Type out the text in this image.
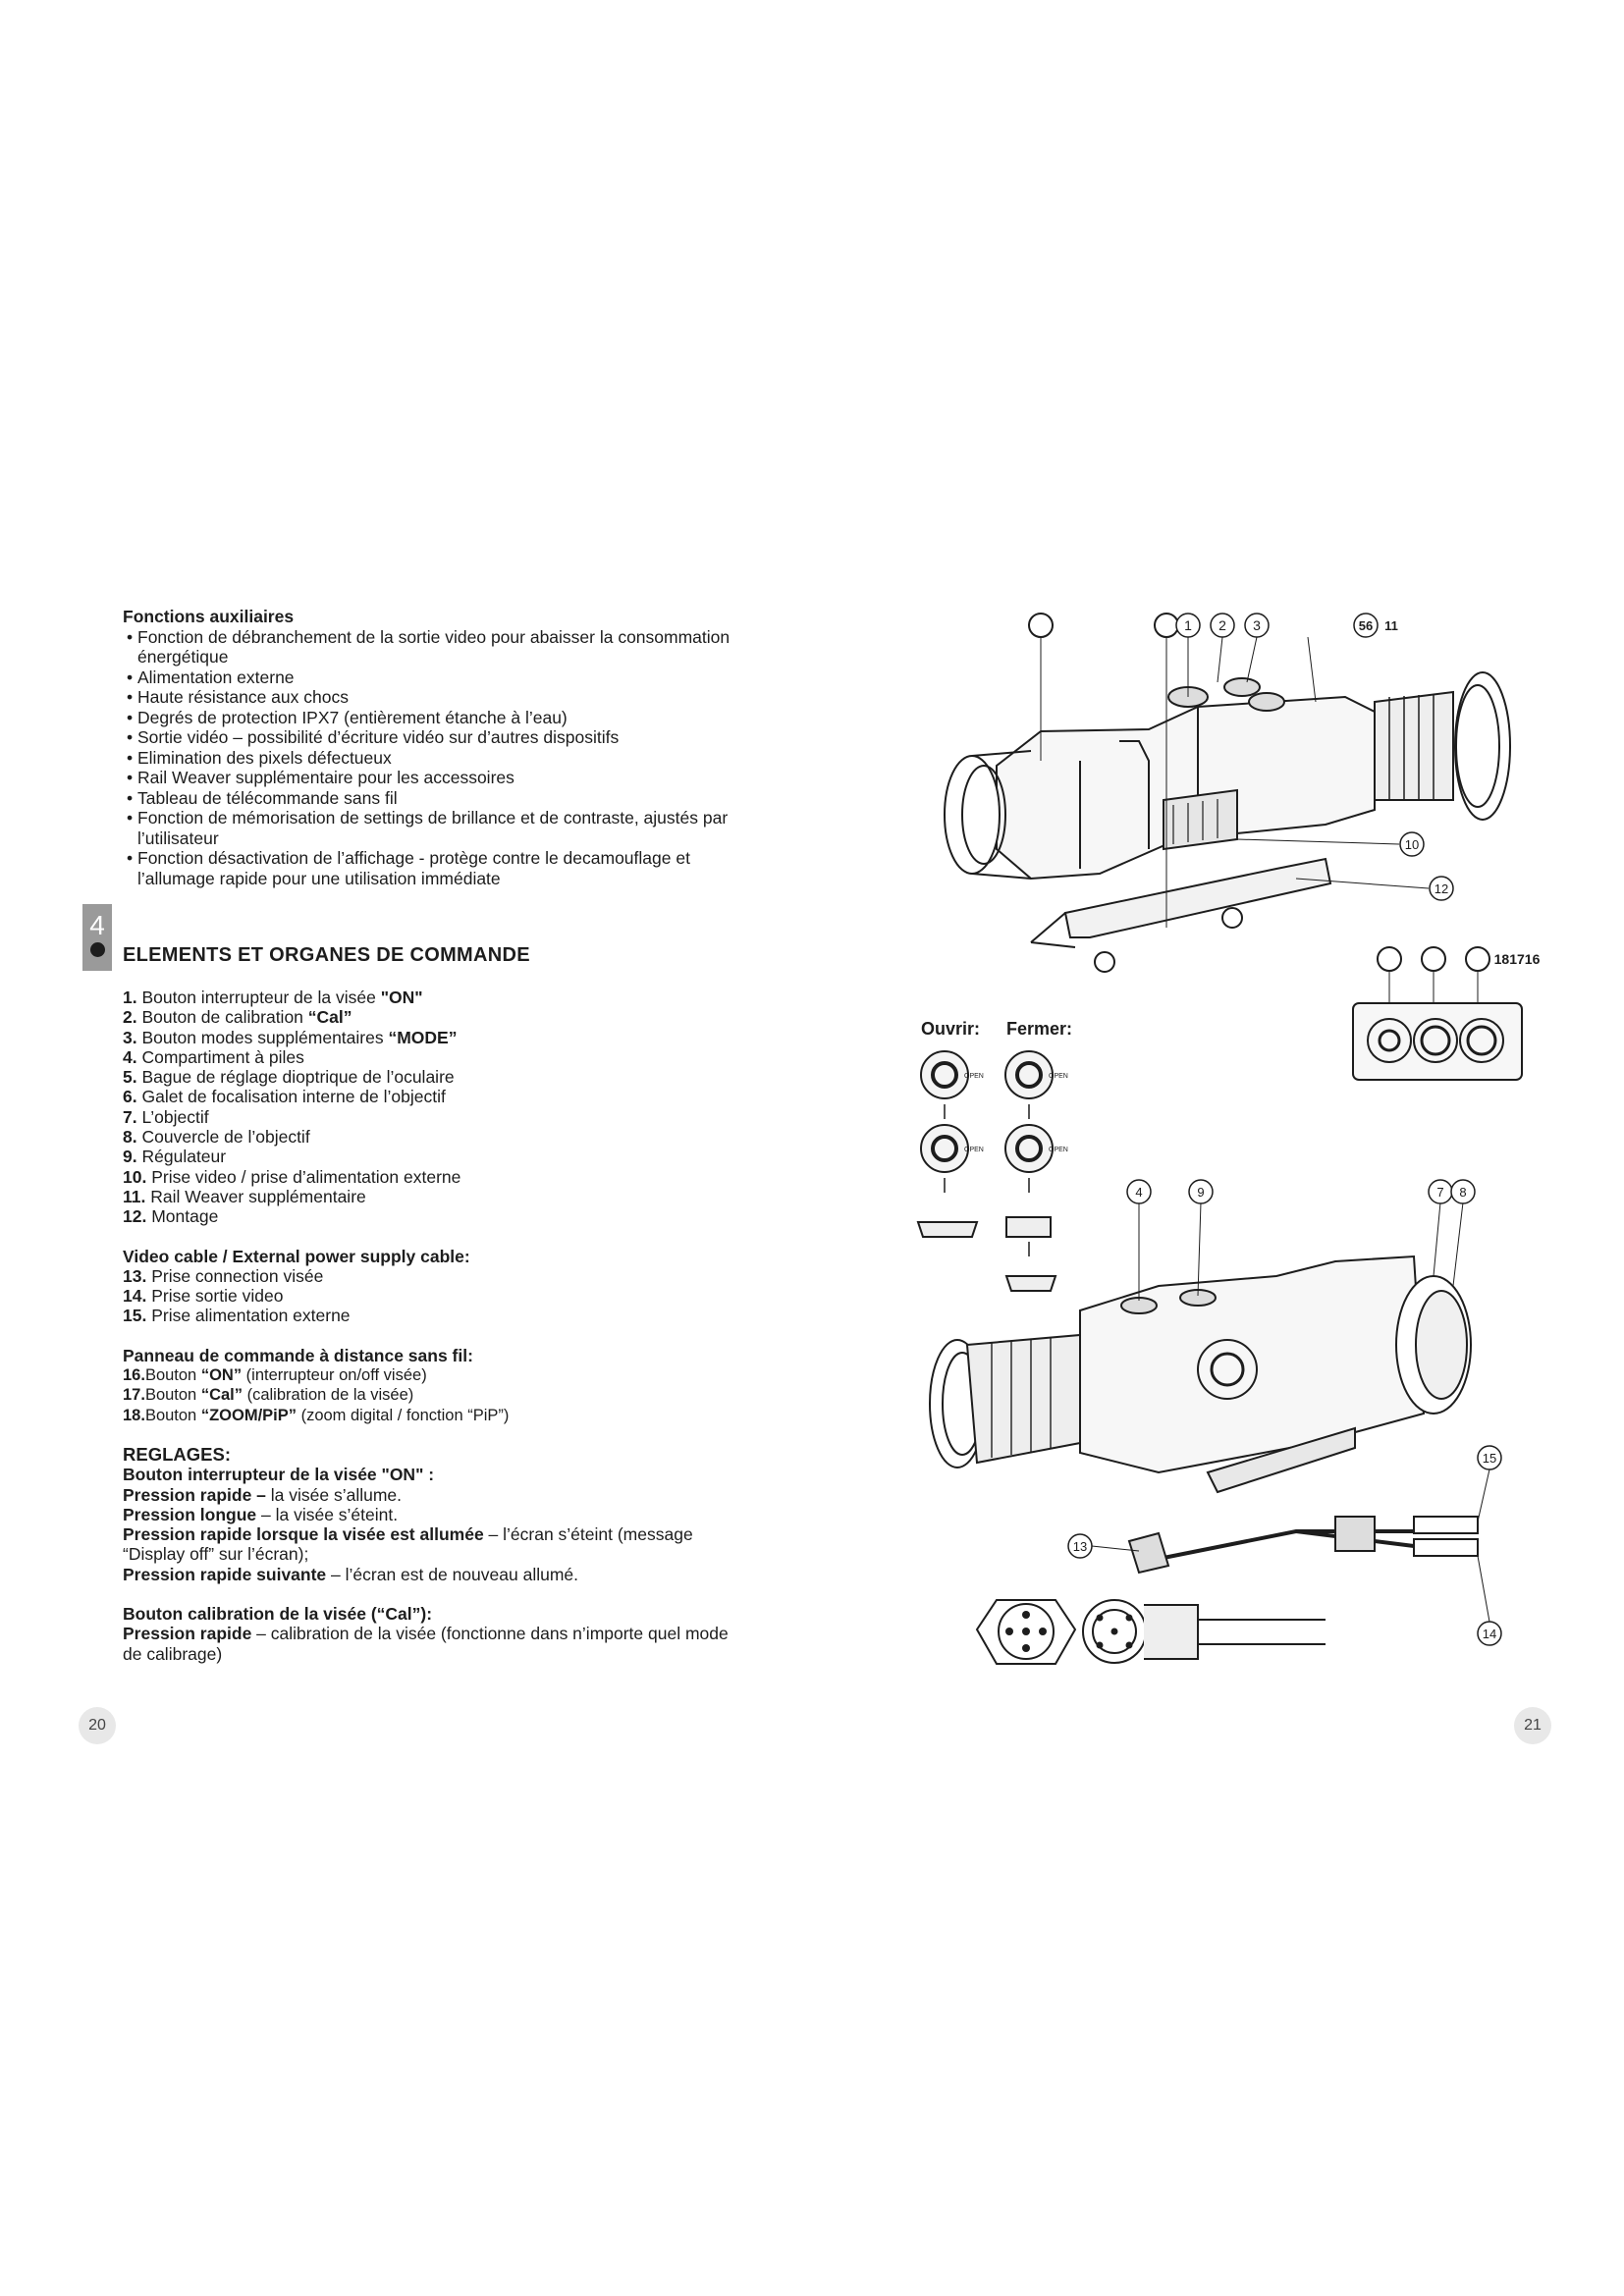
Fonctions auxiliaires

• Fonction de débranchement de la sortie video pour abaisser la consommation énergétique
• Alimentation externe
• Haute résistance aux chocs
• Degrés de protection IPX7 (entièrement étanche à l’eau)
• Sortie vidéo – possibilité d’écriture vidéo sur d’autres dispositifs
• Elimination des pixels défectueux
• Rail Weaver supplémentaire pour les accessoires
• Tableau de télécommande sans fil
• Fonction de mémorisation de settings de brillance et de contraste, ajustés par l’utilisateur
• Fonction désactivation de l’affichage - protège contre le decamouflage et l’allumage rapide pour une utilisation immédiate
4
ELEMENTS ET ORGANES DE COMMANDE
1. Bouton interrupteur de la visée "ON"
2. Bouton de calibration “Cal”
3. Bouton modes supplémentaires “MODE”
4. Compartiment à piles
5. Bague de réglage dioptrique de l’oculaire
6. Galet de focalisation interne de l’objectif
7. L’objectif
8. Couvercle de l’objectif
9. Régulateur
10. Prise video / prise d’alimentation externe
11. Rail Weaver supplémentaire
12. Montage

Video cable / External power supply cable:

13. Prise connection visée
14. Prise sortie video
15. Prise alimentation externe

Panneau de commande à distance sans fil:

16.Bouton “ON” (interrupteur on/off visée)
17.Bouton “Cal” (calibration de la visée)
18.Bouton “ZOOM/PiP” (zoom digital / fonction “PiP”)

REGLAGES:

Bouton interrupteur de la visée "ON" :

Pression rapide – la visée s’allume.
Pression longue – la visée s’éteint.
Pression rapide lorsque la visée est allumée – l’écran s’éteint (message “Display off” sur l’écran);
Pression rapide suivante – l’écran est de nouveau allumé.

Bouton calibration de la visée (“Cal”):

Pression rapide – calibration de la visée (fonctionne dans n’importe quel mode de calibrage)
20	21
1 2 3	56 11
10
12
181716
Ouvrir: Fermer:
OPEN	OPEN
OPEN	OPEN
4	9	7 8
15
13
14
